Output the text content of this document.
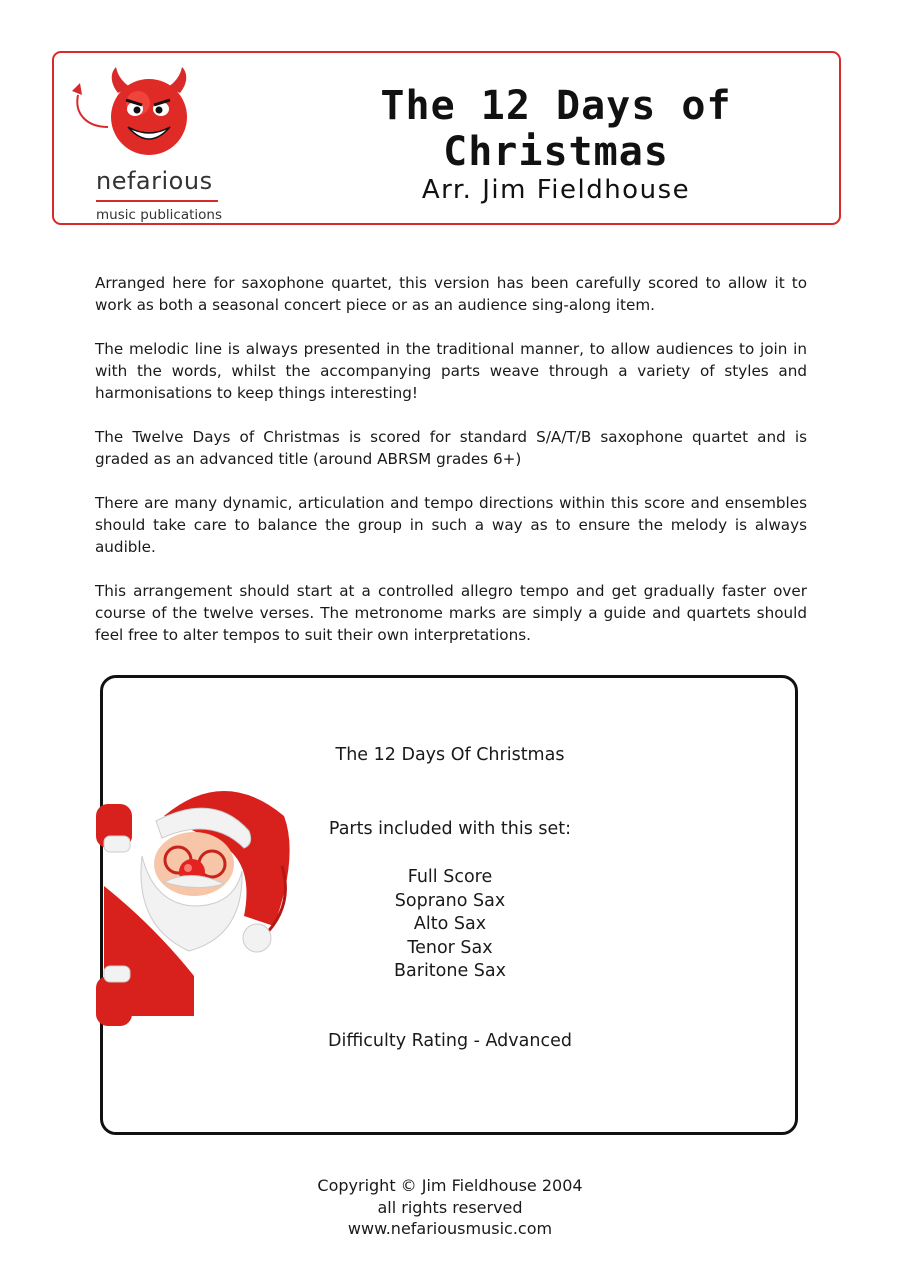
nefarious
music publications
The 12 Days of Christmas
Arr. Jim Fieldhouse

Arranged here for saxophone quartet, this version has been carefully scored to allow it to work as both a seasonal concert piece or as an audience sing-along item.

The melodic line is always presented in the traditional manner, to allow audiences to join in with the words, whilst the accompanying parts weave through a variety of styles and harmonisations to keep things interesting!

The Twelve Days of Christmas is scored for standard S/A/T/B saxophone quartet and is graded as an advanced title (around ABRSM grades 6+)

There are many dynamic, articulation and tempo directions within this score and ensembles should take care to balance the group in such a way as to ensure the melody is always audible.

This arrangement should start at a controlled allegro tempo and get gradually faster over course of the twelve verses. The metronome marks are simply a guide and quartets should feel free to alter tempos to suit their own interpretations.

The 12 Days Of Christmas
Parts included with this set:
Full Score
Soprano Sax
Alto Sax
Tenor Sax
Baritone Sax
Difficulty Rating - Advanced
Copyright © Jim Fieldhouse 2004
all rights reserved
www.nefariousmusic.com
